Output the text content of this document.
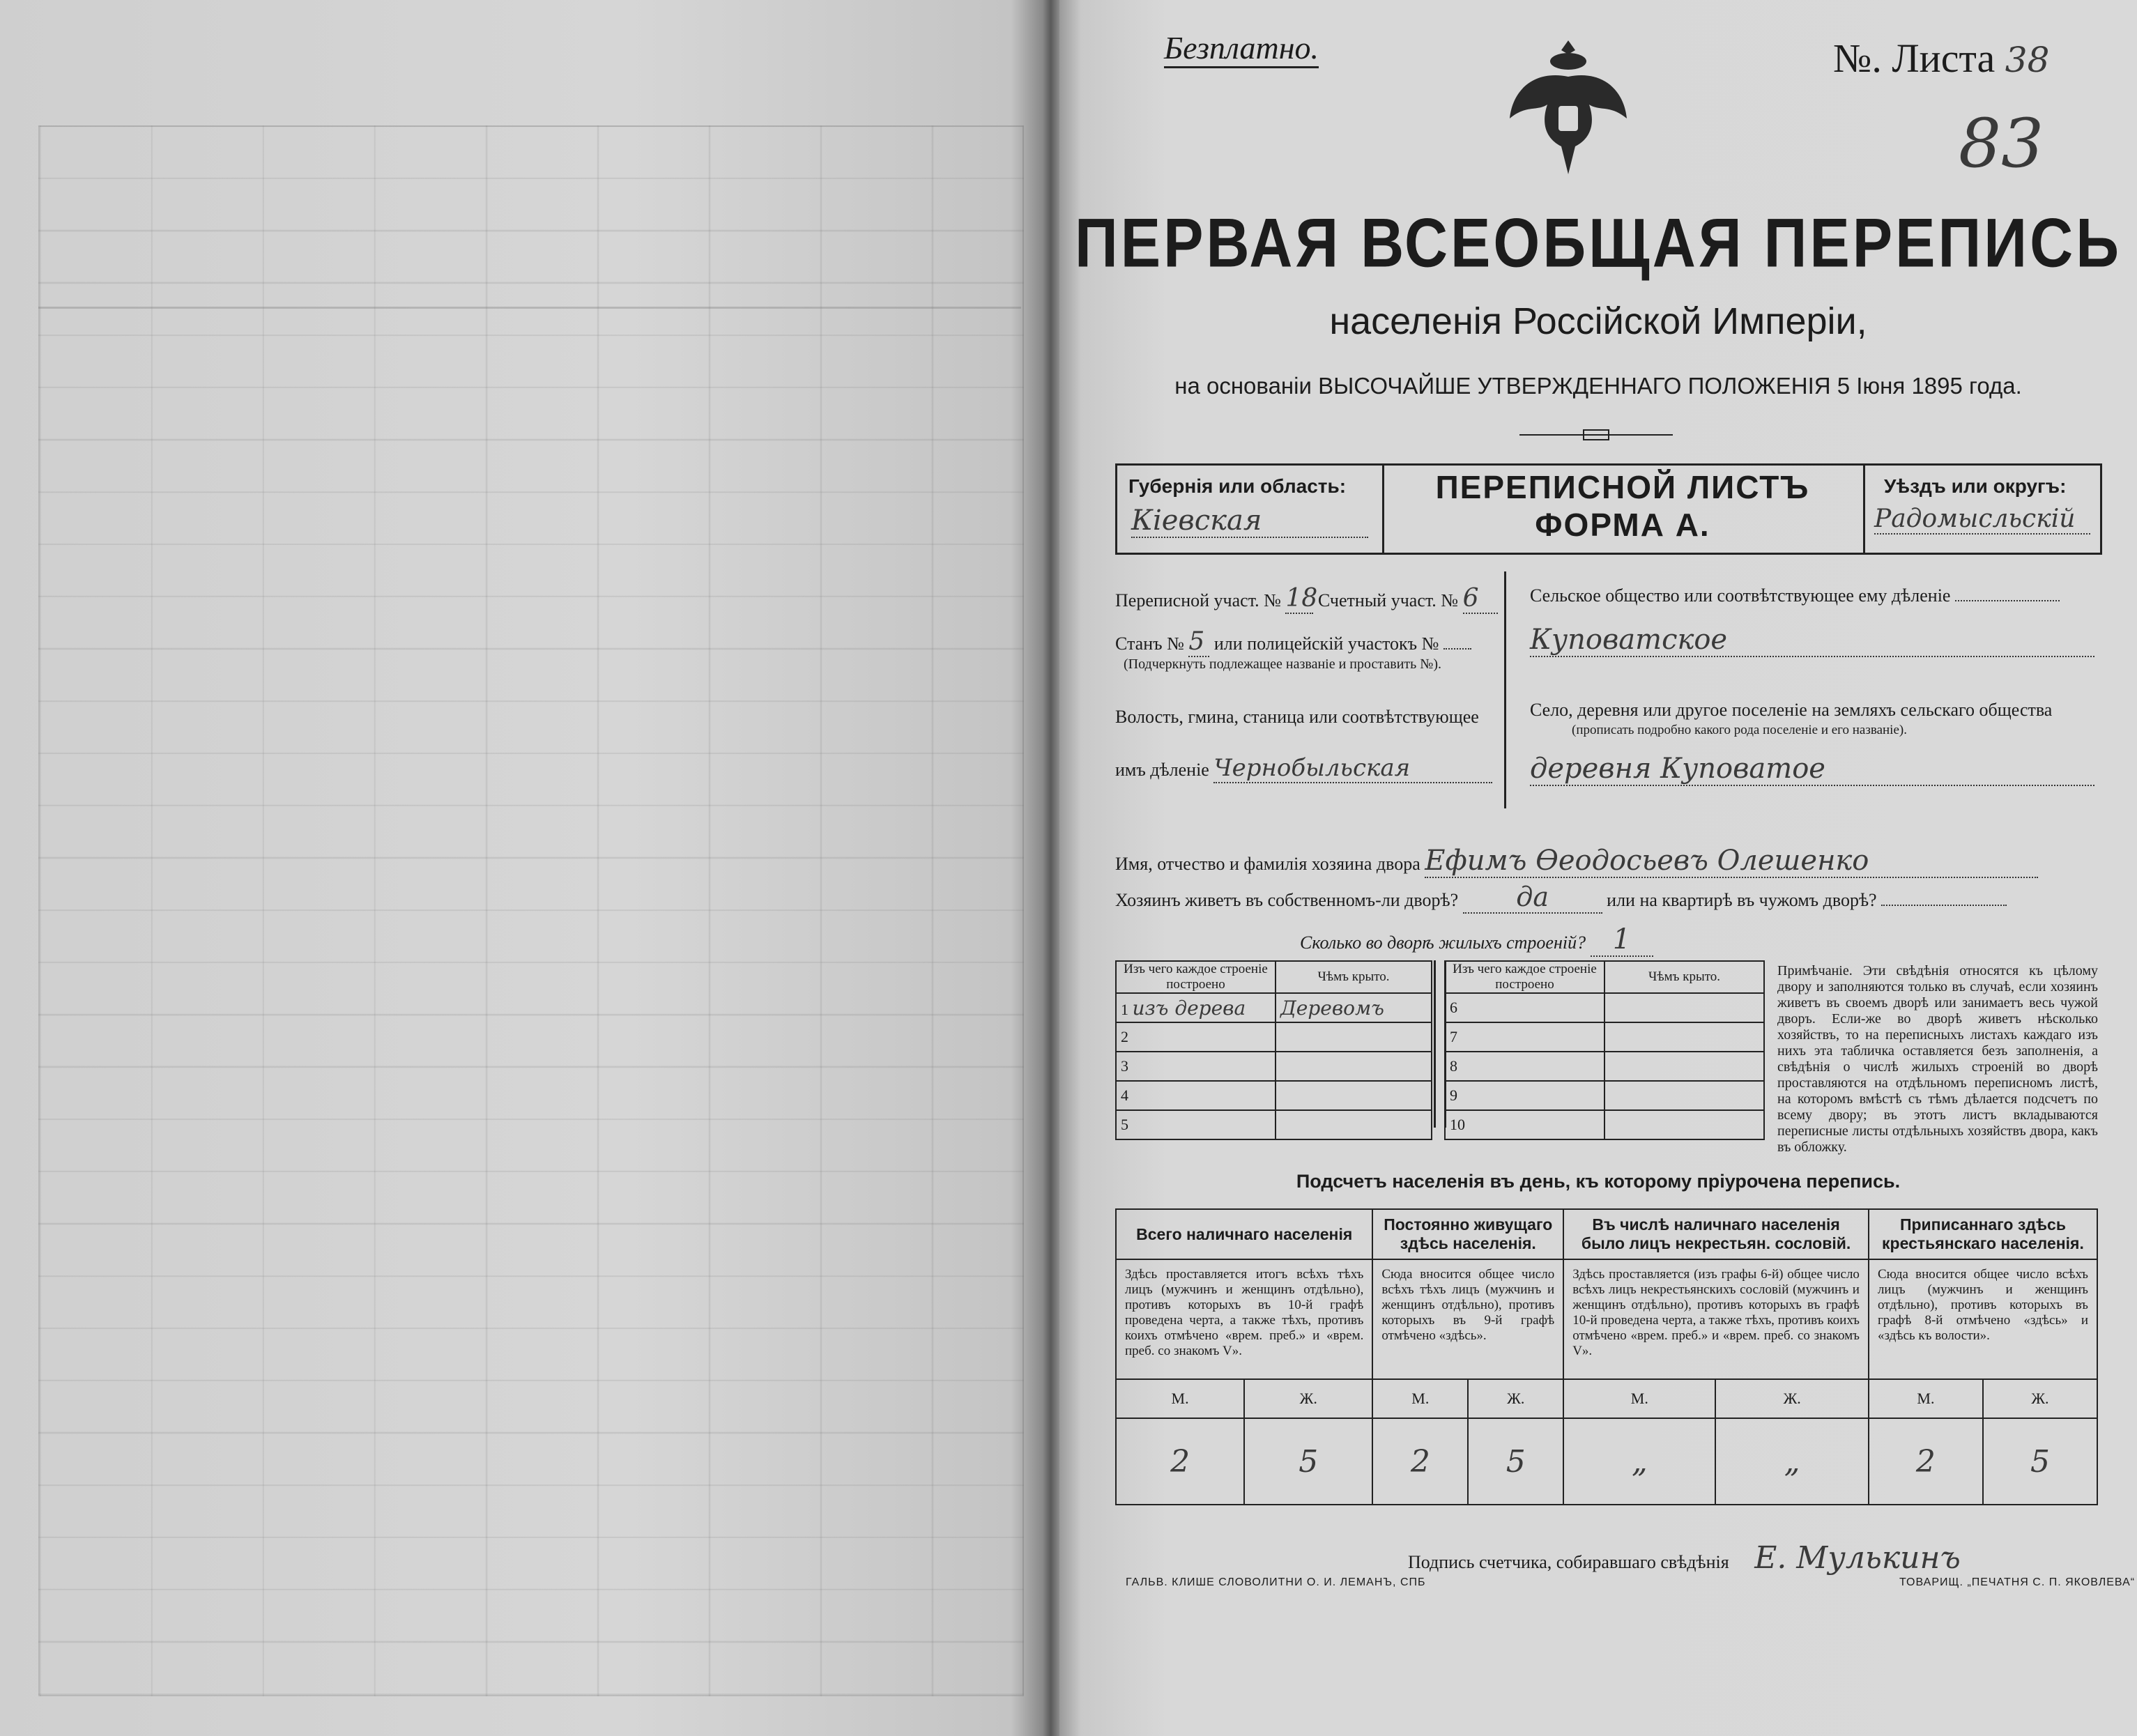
Безплатно.	№. Листа 38
83
ПЕРВАЯ ВСЕОБЩАЯ ПЕРЕПИСЬ
населенія Россійской Имперіи,
на основаніи ВЫСОЧАЙШЕ УТВЕРЖДЕННАГО ПОЛОЖЕНІЯ 5 Іюня 1895 года.
Губернія или область:
Кіевская
ПЕРЕПИСНОЙ ЛИСТЪ
ФОРМА А.
Уѣздъ или округъ:
Радомысльскій
Переписной участ. № 18 Счетный участ. № 6
Станъ № 5 или полицейскій участокъ №
(Подчеркнуть подлежащее названіе и проставить №).
Волость, гмина, станица или соотвѣтствующее
имъ дѣленіе Чернобыльская
Сельское общество или соотвѣтствующее ему дѣленіе
Куповатское
Село, деревня или другое поселеніе на земляхъ сельскаго общества
(прописать подробно какого рода поселеніе и его названіе).
деревня Куповатое
Имя, отчество и фамилія хозяина двора Ефимъ Өеодосьевъ Олешенко
Хозяинъ живетъ въ собственномъ-ли дворѣ? да	или на квартирѣ въ чужомъ дворѣ?
Сколько во дворѣ жилыхъ строеній? 1
Изъ чего каждое строеніе построено	Чѣмъ крыто.
1 изъ дерева	Деревомъ
2	
3	
4	
5	
Изъ чего каждое строеніе построено	Чѣмъ крыто.
6	
7	
8	
9	
10	
Примѣчаніе. Эти свѣдѣнія относятся къ цѣлому двору и заполняются только въ случаѣ, если хозяинъ живетъ въ своемъ дворѣ или занимаетъ весь чужой дворъ. Если-же во дворѣ живетъ нѣсколько хозяйствъ, то на переписныхъ листахъ каждаго изъ нихъ эта табличка оставляется безъ заполненія, а свѣдѣнія о числѣ жилыхъ строеній во дворѣ проставляются на отдѣльномъ переписномъ листѣ, на которомъ вмѣстѣ съ тѣмъ дѣлается подсчетъ по всему двору; въ этотъ листъ вкладываются переписные листы отдѣльныхъ хозяйствъ двора, какъ въ обложку.
Подсчетъ населенія въ день, къ которому пріурочена перепись.
Всего наличнаго населенія		Постоянно живущаго здѣсь населенія.		Въ числѣ наличнаго населенія было лицъ некрестьян. сословій.		Приписаннаго здѣсь крестьянскаго населенія.	
Здѣсь проставляется итогъ всѣхъ тѣхъ лицъ (мужчинъ и женщинъ отдѣльно), противъ которыхъ въ 10-й графѣ проведена черта, а также тѣхъ, противъ коихъ отмѣчено «врем. преб.» и «врем. преб. со знакомъ V».		Сюда вносится общее число всѣхъ тѣхъ лицъ (мужчинъ и женщинъ отдѣльно), противъ которыхъ въ 9-й графѣ отмѣчено «здѣсь».		Здѣсь проставляется (изъ графы 6-й) общее число всѣхъ лицъ некрестьянскихъ сословій (мужчинъ и женщинъ отдѣльно), противъ которыхъ въ графѣ 10-й проведена черта, а также тѣхъ, противъ коихъ отмѣчено «врем. преб.» и «врем. преб. со знакомъ V».		Сюда вносится общее число всѣхъ лицъ (мужчинъ и женщинъ отдѣльно), противъ которыхъ въ графѣ 8-й отмѣчено «здѣсь» и «здѣсь къ волости».	
М.	Ж.	М.	Ж.	М.	Ж.	М.	Ж.
2	5	2	5	„	„	2	5
Подпись счетчика, собиравшаго свѣдѣнія Е. Мулькинъ
ГАЛЬВ. КЛИШЕ СЛОВОЛИТНИ О. И. ЛЕМАНЪ, СПБ	ТОВАРИЩ. „ПЕЧАТНЯ С. П. ЯКОВЛЕВА“
